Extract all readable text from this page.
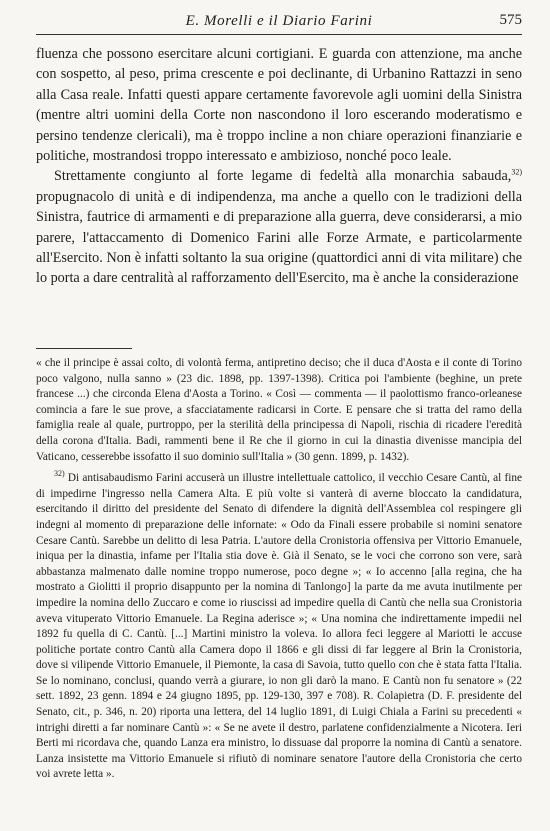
E. Morelli e il Diario Farini	575

fluenza che possono esercitare alcuni cortigiani. E guarda con attenzione, ma anche con sospetto, al peso, prima crescente e poi declinante, di Urbanino Rattazzi in seno alla Casa reale. Infatti questi appare certamente favorevole agli uomini della Sinistra (mentre altri uomini della Corte non nascondono il loro escerando moderatismo e persino tendenze clericali), ma è troppo incline a non chiare operazioni finanziarie e politiche, mostrandosi troppo interessato e ambizioso, nonché poco leale.

Strettamente congiunto al forte legame di fedeltà alla monarchia sabauda,$^{32)}$ propugnacolo di unità e di indipendenza, ma anche a quello con le tradizioni della Sinistra, fautrice di armamenti e di preparazione alla guerra, deve considerarsi, a mio parere, l'attaccamento di Domenico Farini alle Forze Armate, e particolarmente all'Esercito. Non è infatti soltanto la sua origine (quattordici anni di vita militare) che lo porta a dare centralità al rafforzamento dell'Esercito, ma è anche la considerazione

« che il principe è assai colto, di volontà ferma, antipretino deciso; che il duca d'Aosta e il conte di Torino poco valgono, nulla sanno » (23 dic. 1898, pp. 1397-1398). Critica poi l'ambiente (beghine, un prete francese ...) che circonda Elena d'Aosta a Torino. « Così — commenta — il paolottismo franco-orleanese comincia a fare le sue prove, a sfacciatamente radicarsi in Corte. E pensare che si tratta del ramo della famiglia reale al quale, purtroppo, per la sterilità della principessa di Napoli, rischia di ricadere l'eredità della corona d'Italia. Badi, rammenti bene il Re che il giorno in cui la dinastia divenisse mancipia del Vaticano, cesserebbe issofatto il suo dominio sull'Italia » (30 genn. 1899, p. 1432).

$^{32)}$ Di antisabaudismo Farini accuserà un illustre intellettuale cattolico, il vecchio Cesare Cantù, al fine di impedirne l'ingresso nella Camera Alta. E più volte si vanterà di averne bloccato la candidatura, esercitando il diritto del presidente del Senato di difendere la dignità dell'Assemblea col respingere gli indegni al momento di preparazione delle infornate: « Odo da Finali essere probabile si nomini senatore Cesare Cantù. Sarebbe un delitto di lesa Patria. L'autore della Cronistoria offensiva per Vittorio Emanuele, iniqua per la dinastia, infame per l'Italia stia dove è. Già il Senato, se le voci che corrono son vere, sarà abbastanza malmenato dalle nomine troppo numerose, poco degne »; « Io accenno [alla regina, che ha mostrato a Giolitti il proprio disappunto per la nomina di Tanlongo] la parte da me avuta inutilmente per impedire la nomina dello Zuccaro e come io riuscissi ad impedire quella di Cantù che nella sua Cronistoria aveva vituperato Vittorio Emanuele. La Regina aderisce »; « Una nomina che indirettamente impedii nel 1892 fu quella di C. Cantù. [...] Martini ministro la voleva. Io allora feci leggere al Mariotti le accuse politiche portate contro Cantù alla Camera dopo il 1866 e gli dissi di far leggere al Brin la Cronistoria, dove si vilipende Vittorio Emanuele, il Piemonte, la casa di Savoia, tutto quello con che è stata fatta l'Italia. Se lo nominano, conclusi, quando verrà a giurare, io non gli darò la mano. E Cantù non fu senatore » (22 sett. 1892, 23 genn. 1894 e 24 giugno 1895, pp. 129-130, 397 e 708). R. Colapietra (D. F. presidente del Senato, cit., p. 346, n. 20) riporta una lettera, del 14 luglio 1891, di Luigi Chiala a Farini su precedenti « intrighi diretti a far nominare Cantù »: « Se ne avete il destro, parlatene confidenzialmente a Nicotera. Ieri Berti mi ricordava che, quando Lanza era ministro, lo dissuase dal proporre la nomina di Cantù a senatore. Lanza insistette ma Vittorio Emanuele si rifiutò di nominare senatore l'autore della Cronistoria che certo voi avrete letta ».
